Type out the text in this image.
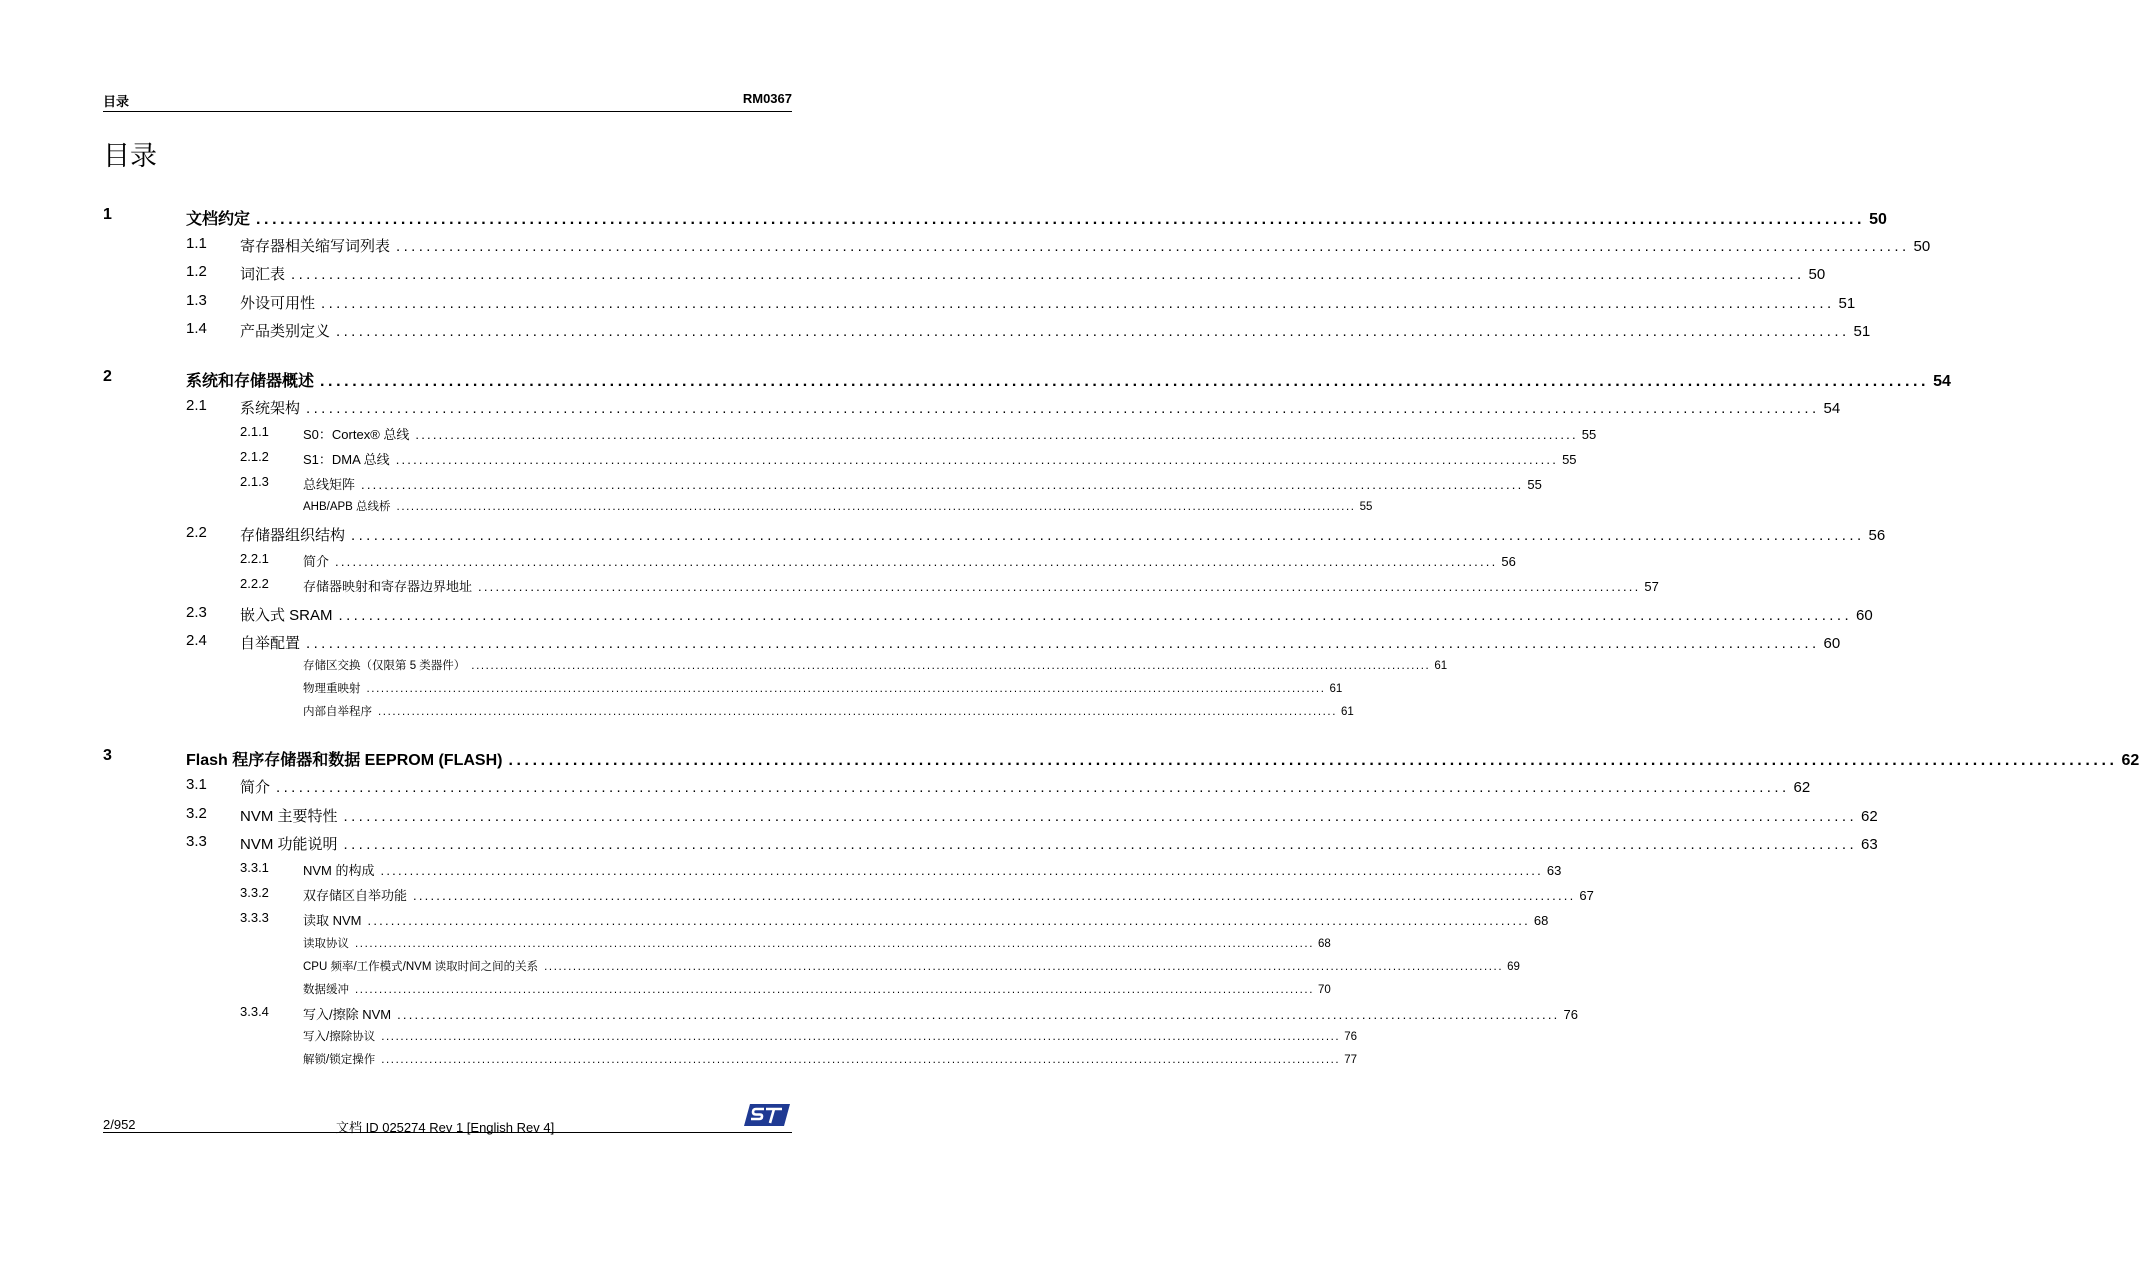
目录	RM0367
目录
1	文档约定 ........................................................................................................................................................................................................ 50
1.1 寄存器相关缩写词列表 ........................................................................................................................................................................................................ 50
1.2 词汇表 ........................................................................................................................................................................................................ 50
1.3 外设可用性 ........................................................................................................................................................................................................ 51
1.4 产品类别定义 ........................................................................................................................................................................................................ 51
2	系统和存储器概述 ........................................................................................................................................................................................................ 54
2.1 系统架构 ........................................................................................................................................................................................................ 54
2.1.1	S0：Cortex® 总线 ........................................................................................................................................................................................................ 55
2.1.2	S1：DMA 总线 ........................................................................................................................................................................................................ 55
2.1.3	总线矩阵 ........................................................................................................................................................................................................ 55
AHB/APB 总线桥 ........................................................................................................................................................................................................ 55
2.2 存储器组织结构 ........................................................................................................................................................................................................ 56
2.2.1	简介 ........................................................................................................................................................................................................ 56
2.2.2	存储器映射和寄存器边界地址 ........................................................................................................................................................................................................ 57
2.3 嵌入式 SRAM ........................................................................................................................................................................................................ 60
2.4 自举配置 ........................................................................................................................................................................................................ 60
存储区交换（仅限第 5 类器件） ........................................................................................................................................................................................................ 61
物理重映射 ........................................................................................................................................................................................................ 61
内部自举程序 ........................................................................................................................................................................................................ 61
3	Flash 程序存储器和数据 EEPROM (FLASH) ........................................................................................................................................................................................................ 62
3.1 简介 ........................................................................................................................................................................................................ 62
3.2 NVM 主要特性 ........................................................................................................................................................................................................ 62
3.3 NVM 功能说明 ........................................................................................................................................................................................................ 63
3.3.1	NVM 的构成 ........................................................................................................................................................................................................ 63
3.3.2	双存储区自举功能 ........................................................................................................................................................................................................ 67
3.3.3	读取 NVM ........................................................................................................................................................................................................ 68
读取协议 ........................................................................................................................................................................................................ 68
CPU 频率/工作模式/NVM 读取时间之间的关系 ........................................................................................................................................................................................................ 69
数据缓冲 ........................................................................................................................................................................................................ 70
3.3.4	写入/擦除 NVM ........................................................................................................................................................................................................ 76
写入/擦除协议 ........................................................................................................................................................................................................ 76
解锁/锁定操作 ........................................................................................................................................................................................................ 77
2/952	文档 ID 025274 Rev 1 [English Rev 4]
